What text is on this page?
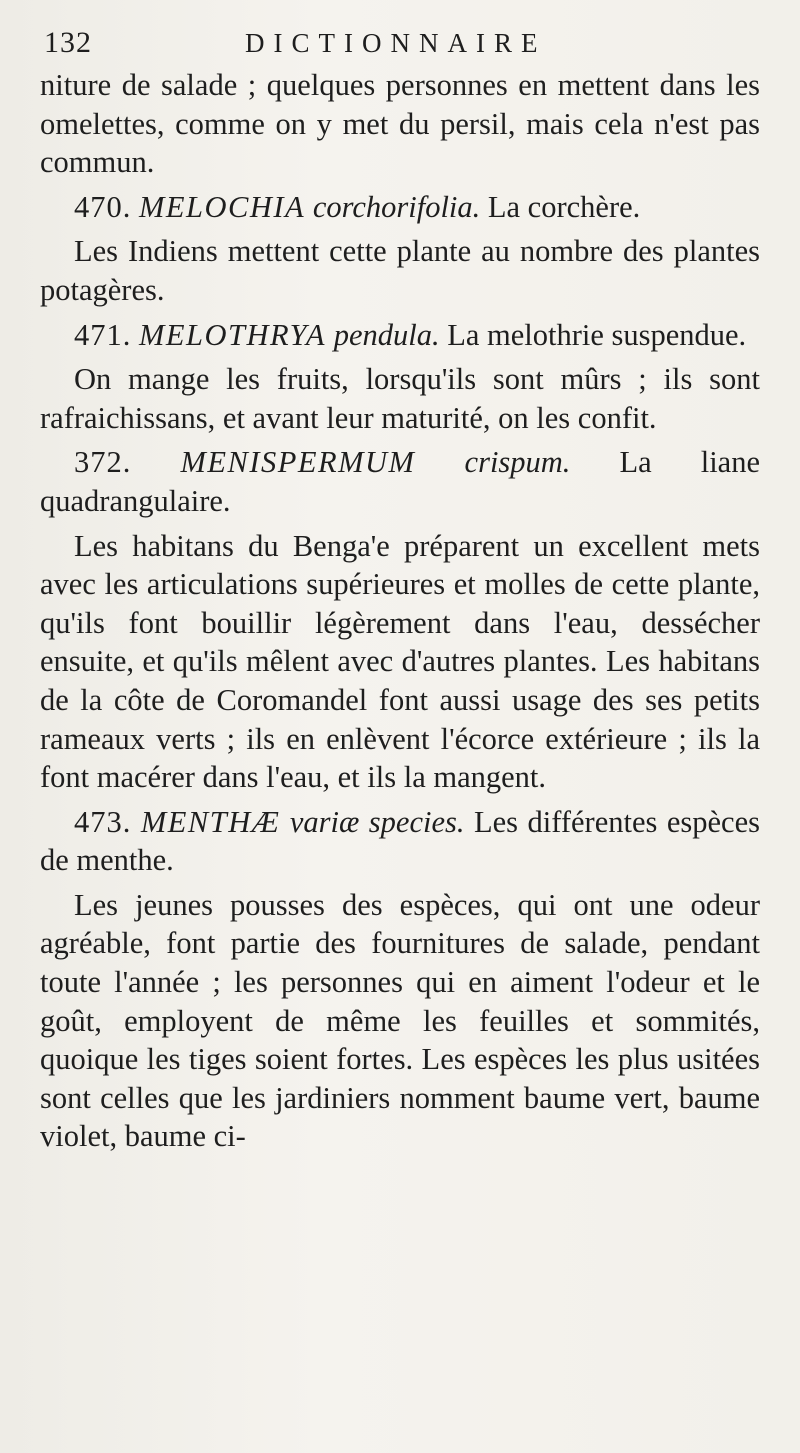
132	DICTIONNAIRE

niture de salade ; quelques personnes en mettent dans les omelettes, comme on y met du persil, mais cela n'est pas commun.

470. MELOCHIA corchorifolia. La corchère.

Les Indiens mettent cette plante au nombre des plantes potagères.

471. MELOTHRYA pendula. La melothrie suspendue.

On mange les fruits, lorsqu'ils sont mûrs ; ils sont rafraichissans, et avant leur maturité, on les confit.

372. MENISPERMUM crispum. La liane quadrangulaire.

Les habitans du Benga'e préparent un excellent mets avec les articulations supérieures et molles de cette plante, qu'ils font bouillir légèrement dans l'eau, dessécher ensuite, et qu'ils mêlent avec d'autres plantes. Les habitans de la côte de Coromandel font aussi usage des ses petits rameaux verts ; ils en enlèvent l'écorce extérieure ; ils la font macérer dans l'eau, et ils la mangent.

473. MENTHÆ variæ species. Les différentes espèces de menthe.

Les jeunes pousses des espèces, qui ont une odeur agréable, font partie des fournitures de salade, pendant toute l'année ; les personnes qui en aiment l'odeur et le goût, employent de même les feuilles et sommités, quoique les tiges soient fortes. Les espèces les plus usitées sont celles que les jardiniers nomment baume vert, baume violet, baume ci-
